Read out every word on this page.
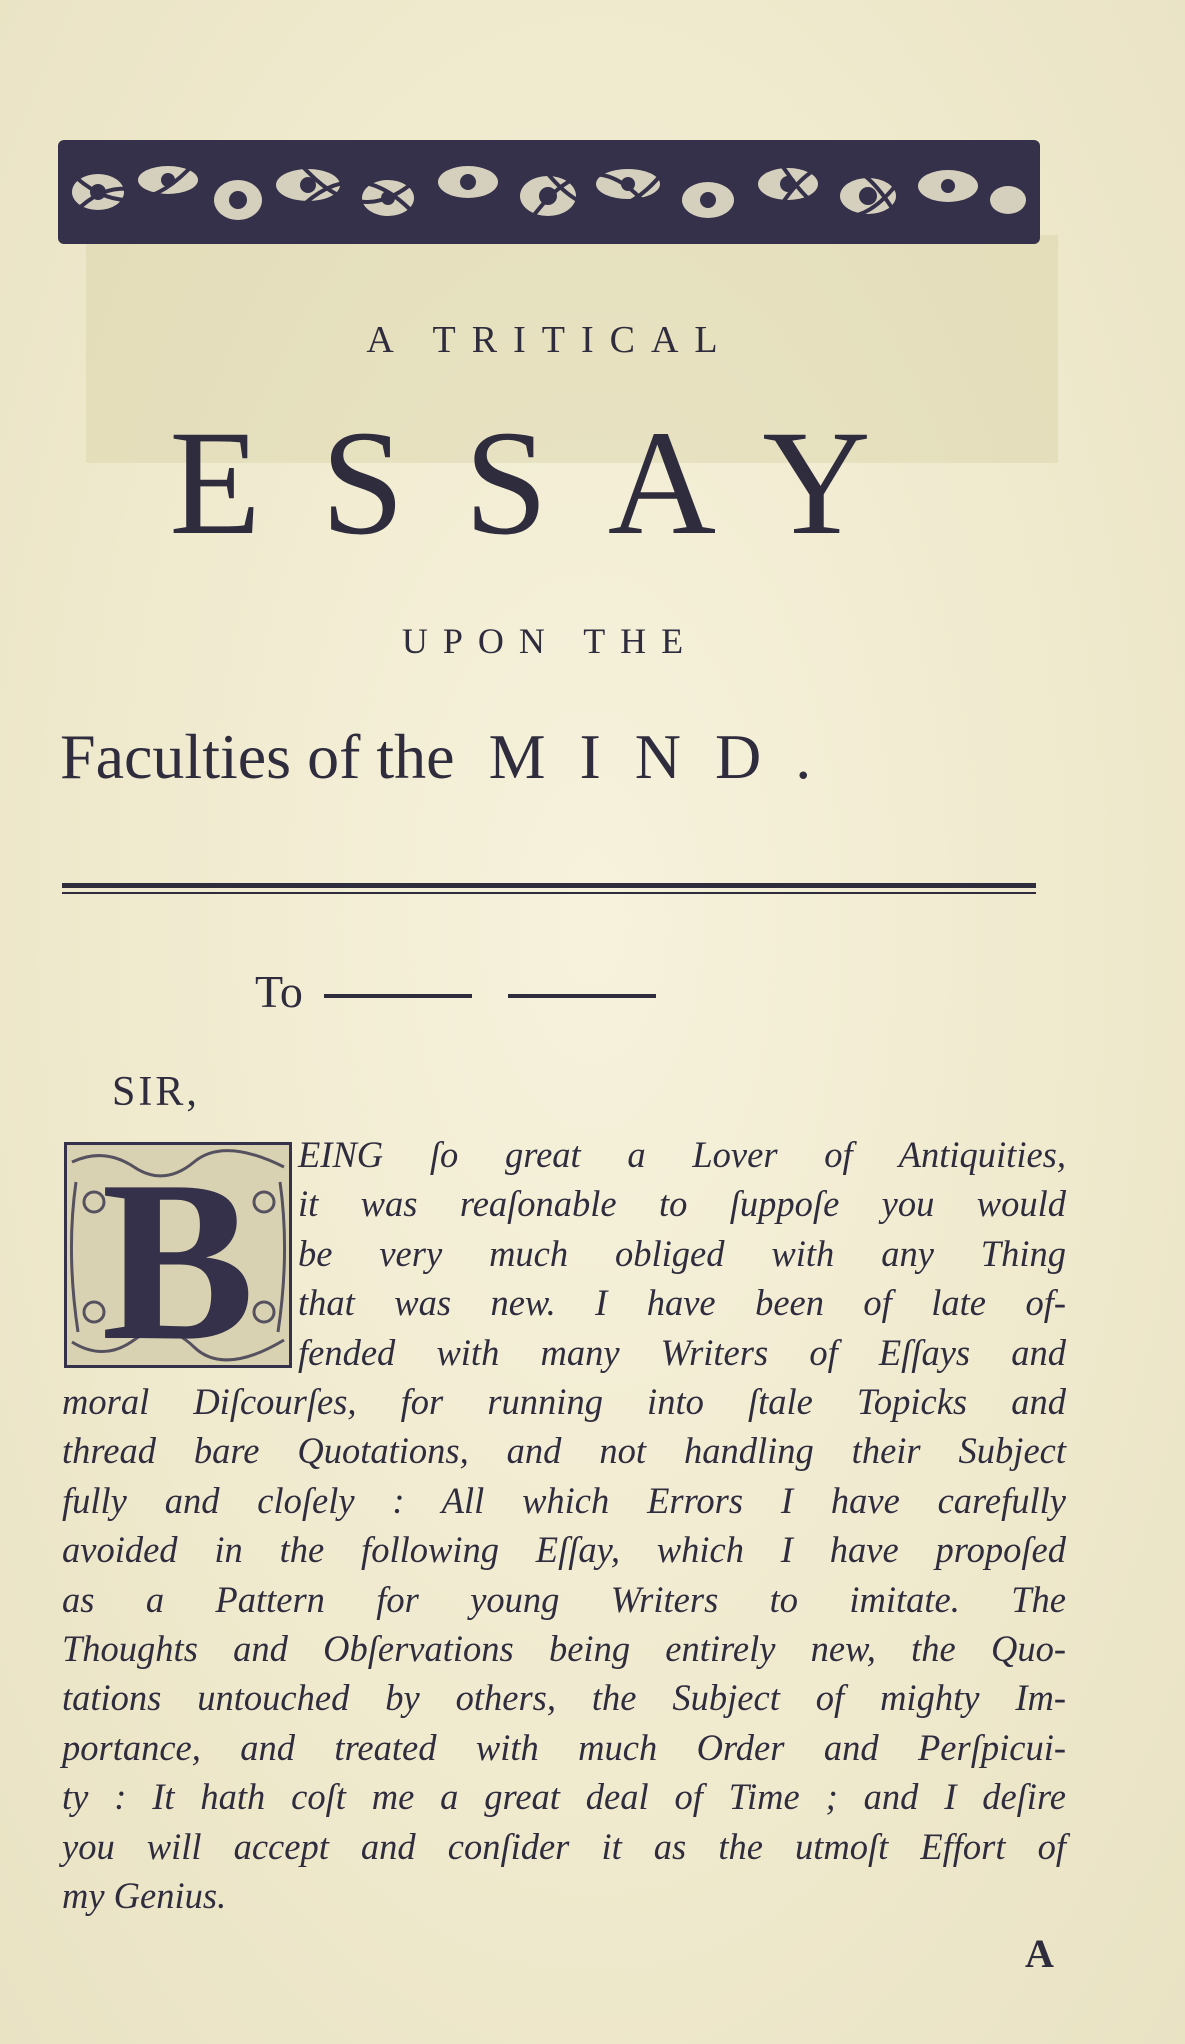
A TRITICAL
ESSAY
UPON THE
Faculties of the MIND.
To
SIR,
B	EING ſo great a Lover of Antiquities,
it was reaſonable to ſuppoſe you would
be very much obliged with any Thing
that was new. I have been of late of-
fended with many Writers of Eſſays and
moral Diſcourſes, for running into ſtale Topicks and
thread bare Quotations, and not handling their Subject
fully and cloſely : All which Errors I have carefully
avoided in the following Eſſay, which I have propoſed
as a Pattern for young Writers to imitate. The
Thoughts and Obſervations being entirely new, the Quo-
tations untouched by others, the Subject of mighty Im-
portance, and treated with much Order and Perſpicui-
ty : It hath coſt me a great deal of Time ; and I deſire
you will accept and conſider it as the utmoſt Effort of
my Genius.
A
